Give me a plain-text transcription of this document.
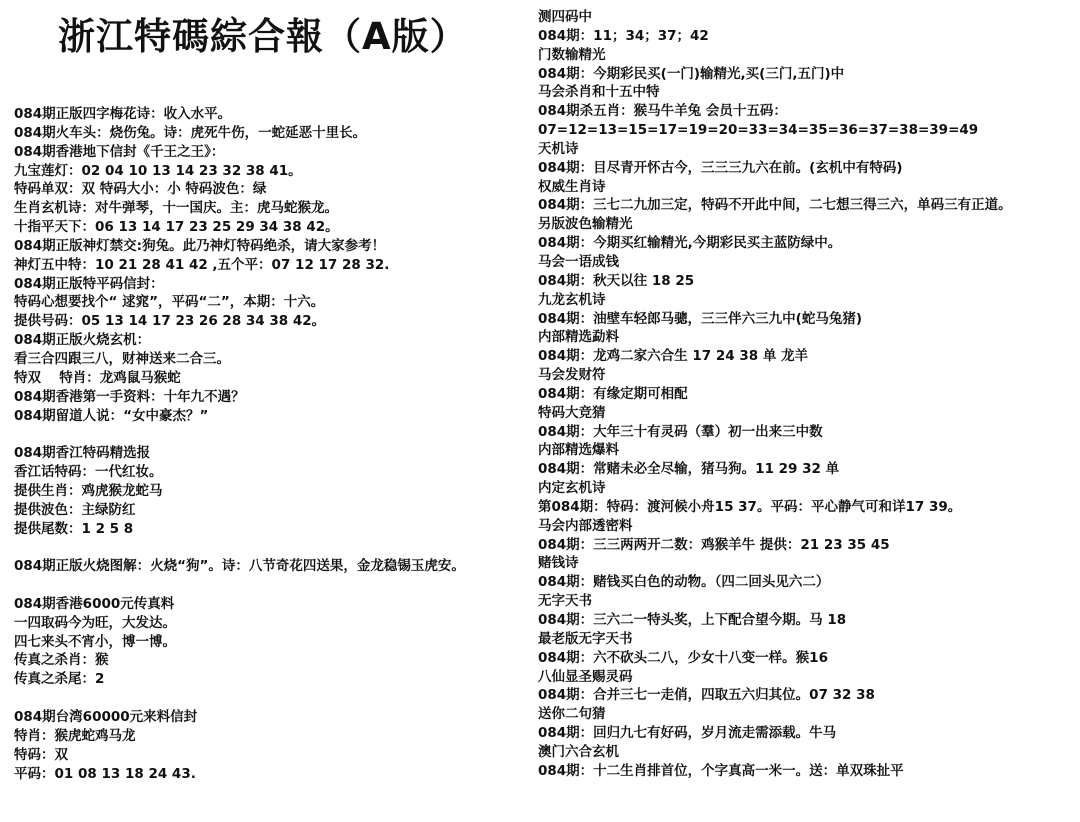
浙江特碼綜合報（A版）
084期正版四字梅花诗：收入水平。
084期火车头：烧伤兔。诗：虎死牛伤，一蛇延恶十里长。
084期香港地下信封《千王之王》：
九宝莲灯：02 04 10 13 14 23 32 38 41。
特码单双：双 特码大小：小 特码波色：绿
生肖玄机诗：对牛弹琴，十一国庆。主：虎马蛇猴龙。
十指平天下：06 13 14 17 23 25 29 34 38 42。
084期正版神灯禁交:狗兔。此乃神灯特码绝杀，请大家参考！
神灯五中特：10 21 28 41 42 ,五个平：07 12 17 28 32.
084期正版特平码信封：
特码心想要找个“ 逑窕”，平码“二”，本期：十六。
提供号码：05 13 14 17 23 26 28 34 38 42。
084期正版火烧玄机：
看三合四跟三八，财神送来二合三。
特双　 特肖：龙鸡鼠马猴蛇
084期香港第一手资料：十年九不遇？
084期留道人说：“女中豪杰？”
084期香江特码精选报
香江话特码：一代红妆。
提供生肖：鸡虎猴龙蛇马
提供波色：主绿防红
提供尾数：1 2 5 8
084期正版火烧图解：火烧“狗”。诗：八节奇花四送果，金龙稳锡玉虎安。
084期香港6000元传真料
一四取码今为旺，大发达。
四七来头不宵小，博一博。
传真之杀肖：猴
传真之杀尾：2
084期台湾60000元来料信封
特肖：猴虎蛇鸡马龙
特码：双
平码：01 08 13 18 24 43.
测四码中
084期：11；34；37；42
门数输精光
084期：今期彩民买(一门)输精光,买(三门,五门)中
马会杀肖和十五中特
084期杀五肖：猴马牛羊兔 会员十五码：
07=12=13=15=17=19=20=33=34=35=36=37=38=39=49
天机诗
084期：目尽青开怀古今，三三三九六在前。(玄机中有特码)
权威生肖诗
084期：三七二九加三定，特码不开此中间，二七想三得三六，单码三有正道。
另版波色输精光
084期：今期买红输精光,今期彩民买主蓝防绿中。
马会一语成钱
084期：秋天以往 18 25
九龙玄机诗
084期：油壁车轻郎马骢，三三伴六三九中(蛇马兔猪)
内部精选勐料
084期：龙鸡二家六合生 17 24 38 单 龙羊
马会发财符
084期：有缘定期可相配
特码大竞猜
084期：大年三十有灵码（羣）初一出来三中数
内部精选爆料
084期：常赌未必全尽输，猪马狗。11 29 32 单
内定玄机诗
第084期：特码：渡河候小舟15 37。平码：平心静气可和详17 39。
马会内部透密料
084期：三三两两开二数：鸡猴羊牛 提供：21 23 35 45
赌钱诗
084期：赌钱买白色的动物。（四二回头见六二）
无字天书
084期：三六二一特头奖，上下配合望今期。马 18
最老版无字天书
084期：六不砍头二八，少女十八变一样。猴16
八仙显圣赐灵码
084期：合并三七一走俏，四取五六归其位。07 32 38
送你二句猜
084期：回归九七有好码，岁月流走需添载。牛马
澳门六合玄机
084期：十二生肖排首位，个字真高一米一。送：单双珠扯平
